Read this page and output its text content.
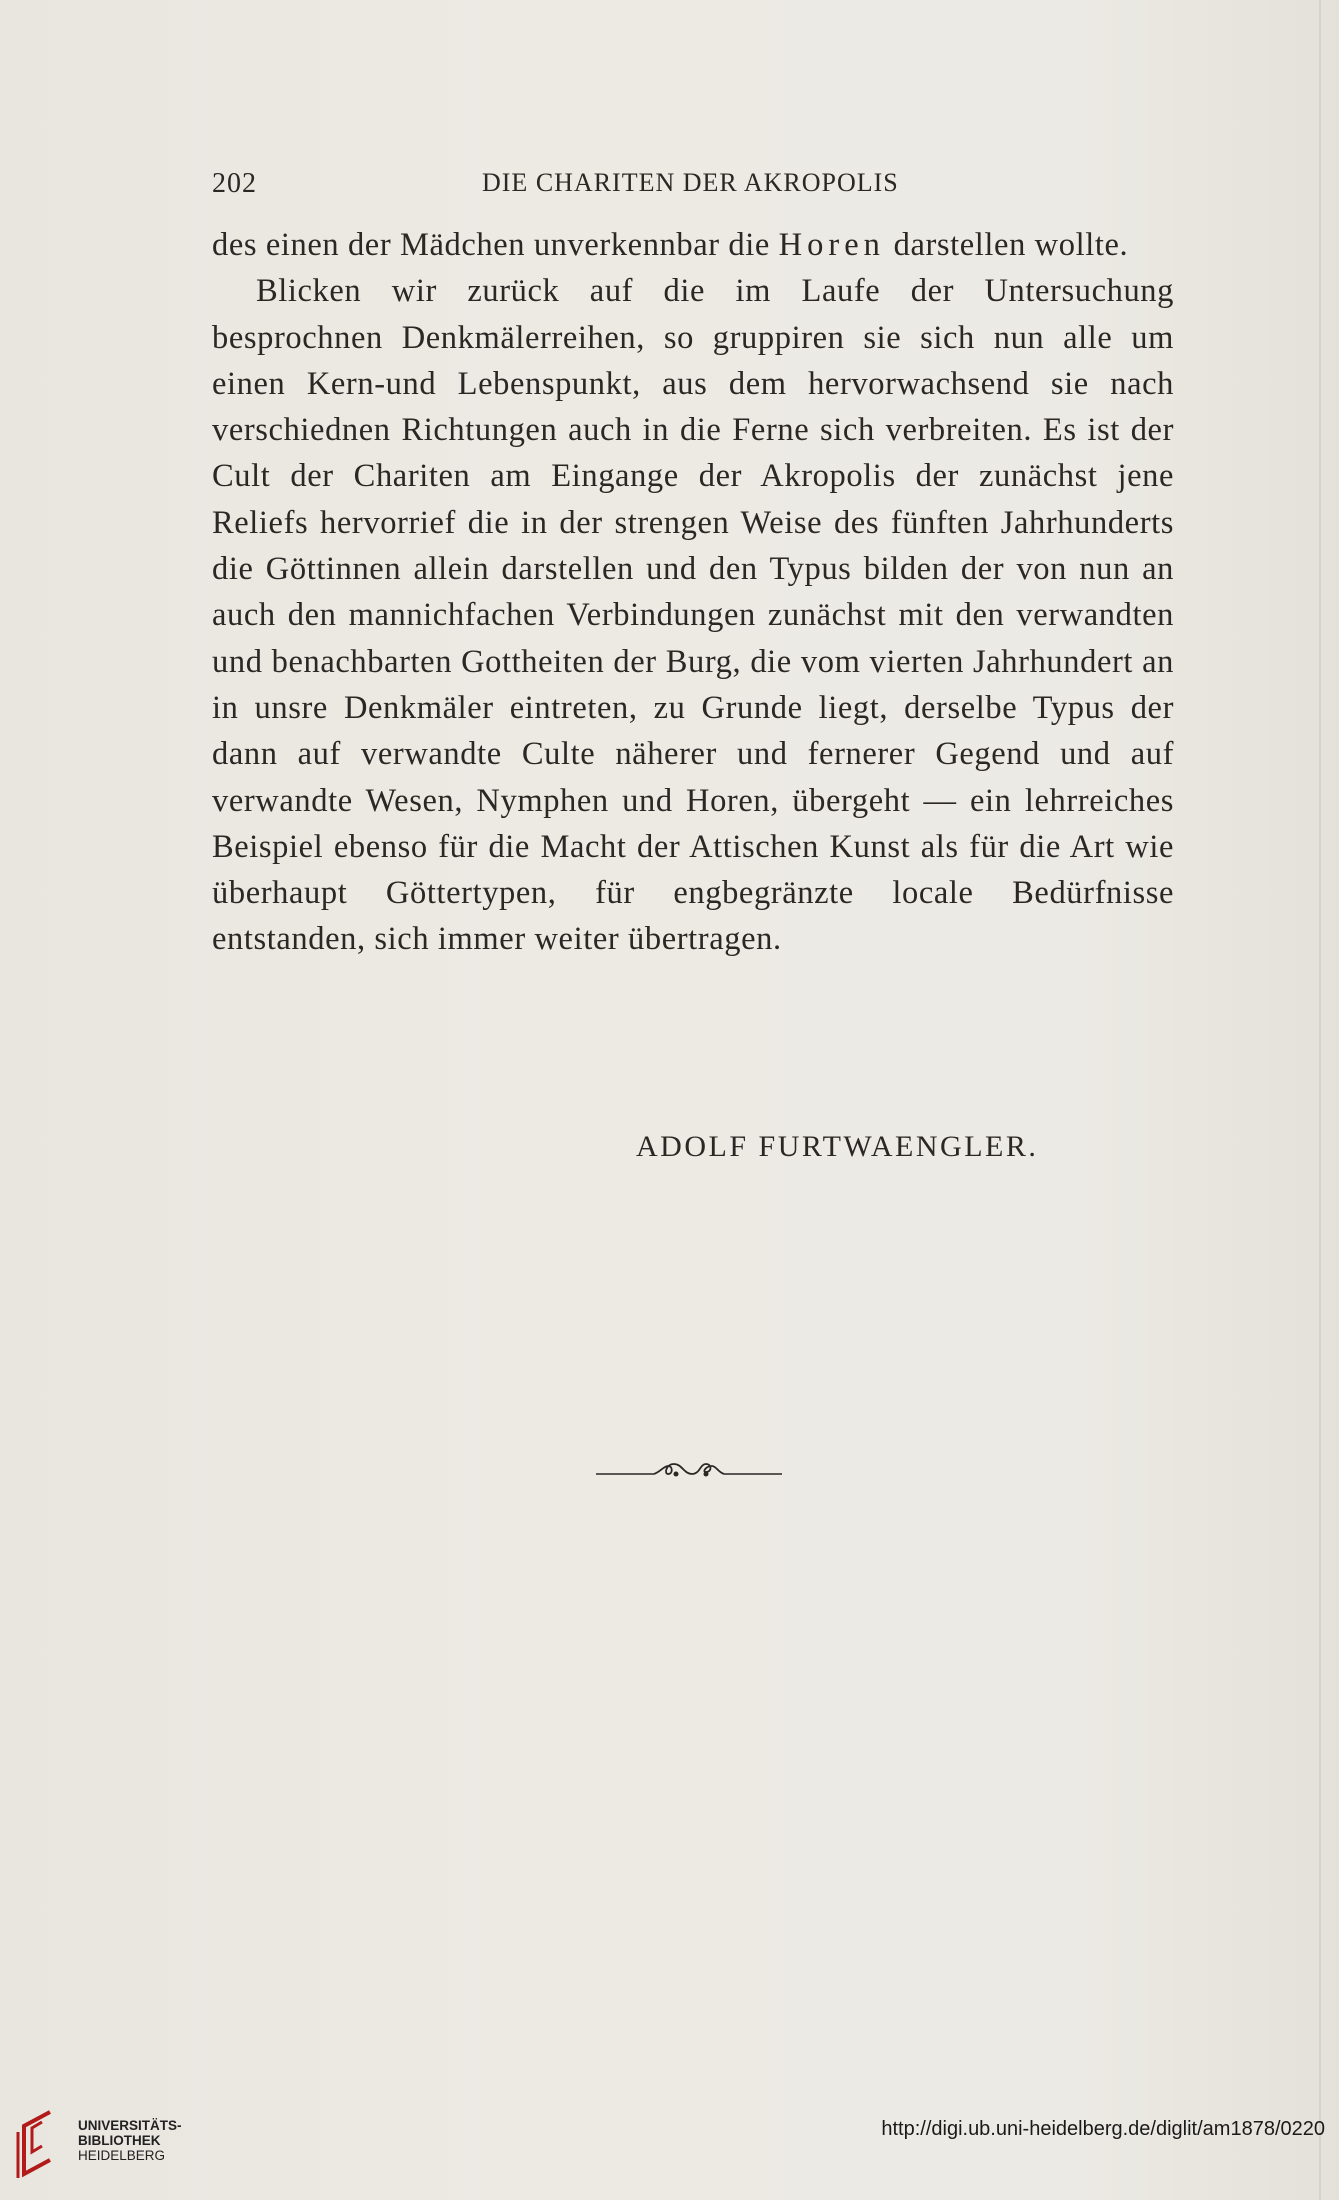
202	DIE CHARITEN DER AKROPOLIS

des einen der Mädchen unverkennbar die Horen darstellen wollte.

Blicken wir zurück auf die im Laufe der Untersuchung besprochnen Denkmälerreihen, so gruppiren sie sich nun alle um einen Kern-und Lebenspunkt, aus dem hervorwachsend sie nach verschiednen Richtungen auch in die Ferne sich verbreiten. Es ist der Cult der Chariten am Eingange der Akropolis der zunächst jene Reliefs hervorrief die in der strengen Weise des fünften Jahrhunderts die Göttinnen allein darstellen und den Typus bilden der von nun an auch den mannichfachen Verbindungen zunächst mit den verwandten und benachbarten Gottheiten der Burg, die vom vierten Jahrhundert an in unsre Denkmäler eintreten, zu Grunde liegt, derselbe Typus der dann auf verwandte Culte näherer und fernerer Gegend und auf verwandte Wesen, Nymphen und Horen, übergeht — ein lehrreiches Beispiel ebenso für die Macht der Attischen Kunst als für die Art wie überhaupt Göttertypen, für engbegränzte locale Bedürfnisse entstanden, sich immer weiter übertragen.

ADOLF FURTWAENGLER.
UNIVERSITÄTS-
BIBLIOTHEK
HEIDELBERG
http://digi.ub.uni-heidelberg.de/diglit/am1878/0220
